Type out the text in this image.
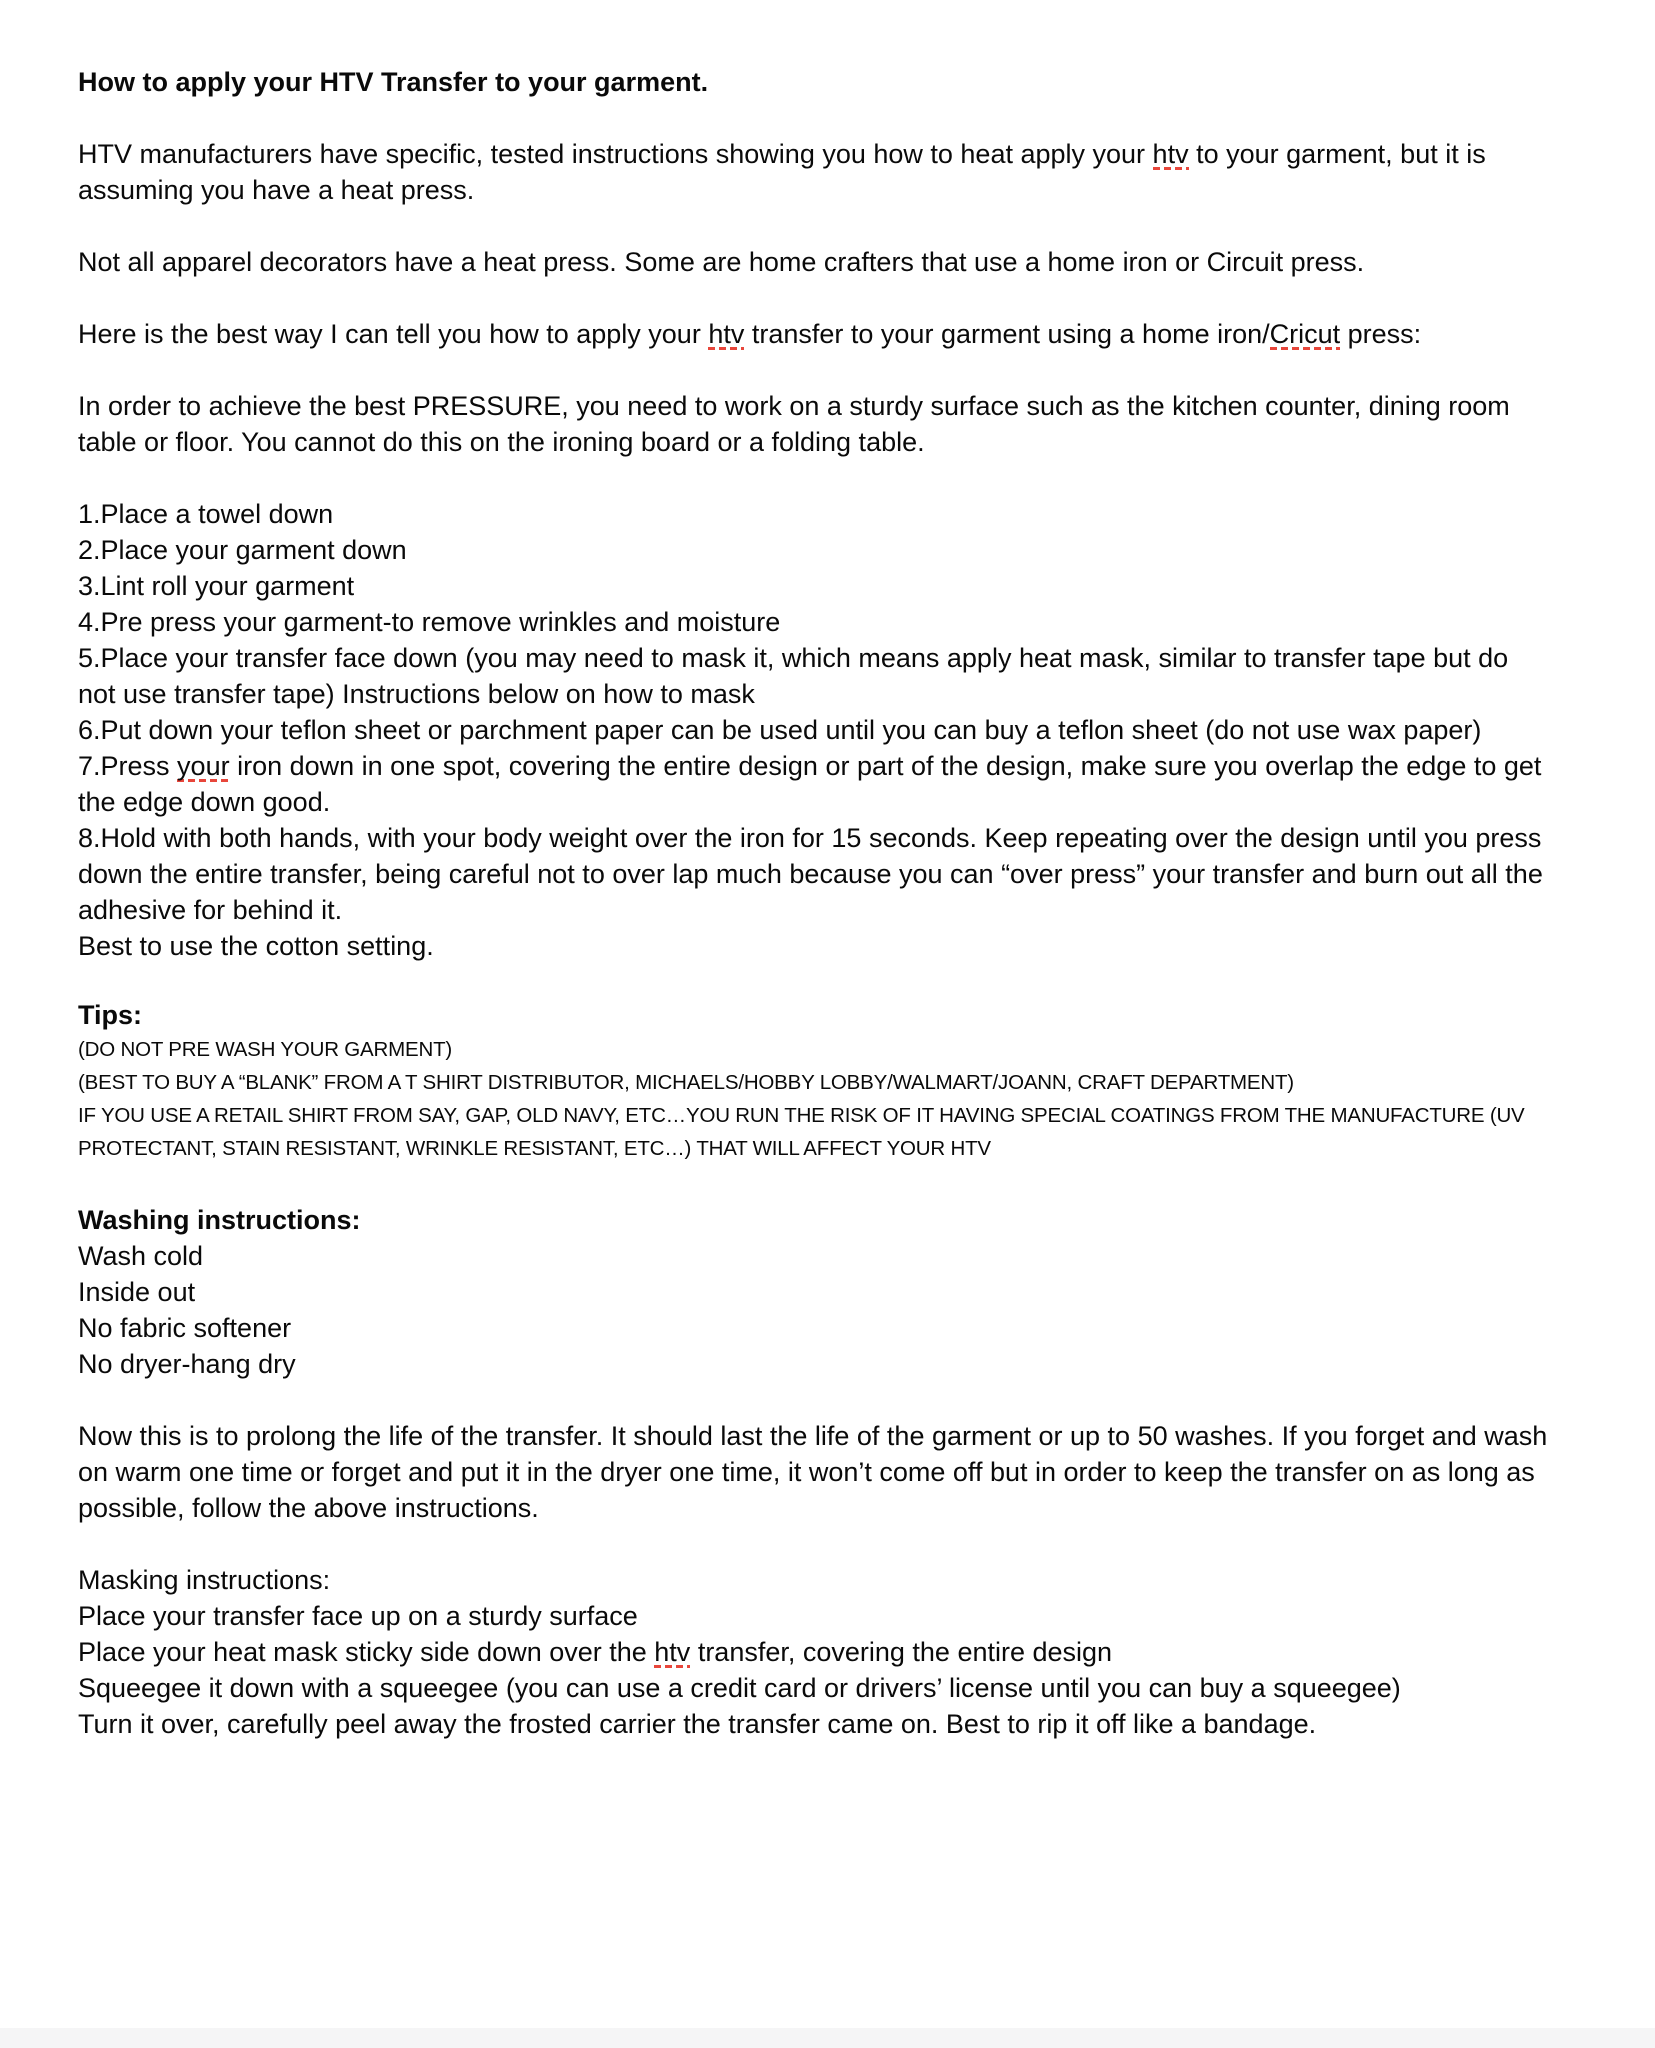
How to apply your HTV Transfer to your garment.

HTV manufacturers have specific, tested instructions showing you how to heat apply your htv to your garment, but it is assuming you have a heat press.

Not all apparel decorators have a heat press. Some are home crafters that use a home iron or Circuit press.

Here is the best way I can tell you how to apply your htv transfer to your garment using a home iron/Cricut press:

In order to achieve the best PRESSURE, you need to work on a sturdy surface such as the kitchen counter, dining room table or floor. You cannot do this on the ironing board or a folding table.

1.Place a towel down
2.Place your garment down
3.Lint roll your garment
4.Pre press your garment-to remove wrinkles and moisture
5.Place your transfer face down (you may need to mask it, which means apply heat mask, similar to transfer tape but do not use transfer tape) Instructions below on how to mask
6.Put down your teflon sheet or parchment paper can be used until you can buy a teflon sheet (do not use wax paper)
7.Press your iron down in one spot, covering the entire design or part of the design, make sure you overlap the edge to get the edge down good.
8.Hold with both hands, with your body weight over the iron for 15 seconds. Keep repeating over the design until you press down the entire transfer, being careful not to over lap much because you can “over press” your transfer and burn out all the adhesive for behind it.
Best to use the cotton setting.

Tips:

(DO NOT PRE WASH YOUR GARMENT)
(BEST TO BUY A “BLANK” FROM A T SHIRT DISTRIBUTOR, MICHAELS/HOBBY LOBBY/WALMART/JOANN, CRAFT DEPARTMENT)
IF YOU USE A RETAIL SHIRT FROM SAY, GAP, OLD NAVY, ETC…YOU RUN THE RISK OF IT HAVING SPECIAL COATINGS FROM THE MANUFACTURE (UV PROTECTANT, STAIN RESISTANT, WRINKLE RESISTANT, ETC…) THAT WILL AFFECT YOUR HTV

Washing instructions:

Wash cold
Inside out
No fabric softener
No dryer-hang dry

Now this is to prolong the life of the transfer. It should last the life of the garment or up to 50 washes. If you forget and wash on warm one time or forget and put it in the dryer one time, it won’t come off but in order to keep the transfer on as long as possible, follow the above instructions.

Masking instructions:
Place your transfer face up on a sturdy surface
Place your heat mask sticky side down over the htv transfer, covering the entire design
Squeegee it down with a squeegee (you can use a credit card or drivers’ license until you can buy a squeegee)
Turn it over, carefully peel away the frosted carrier the transfer came on. Best to rip it off like a bandage.
